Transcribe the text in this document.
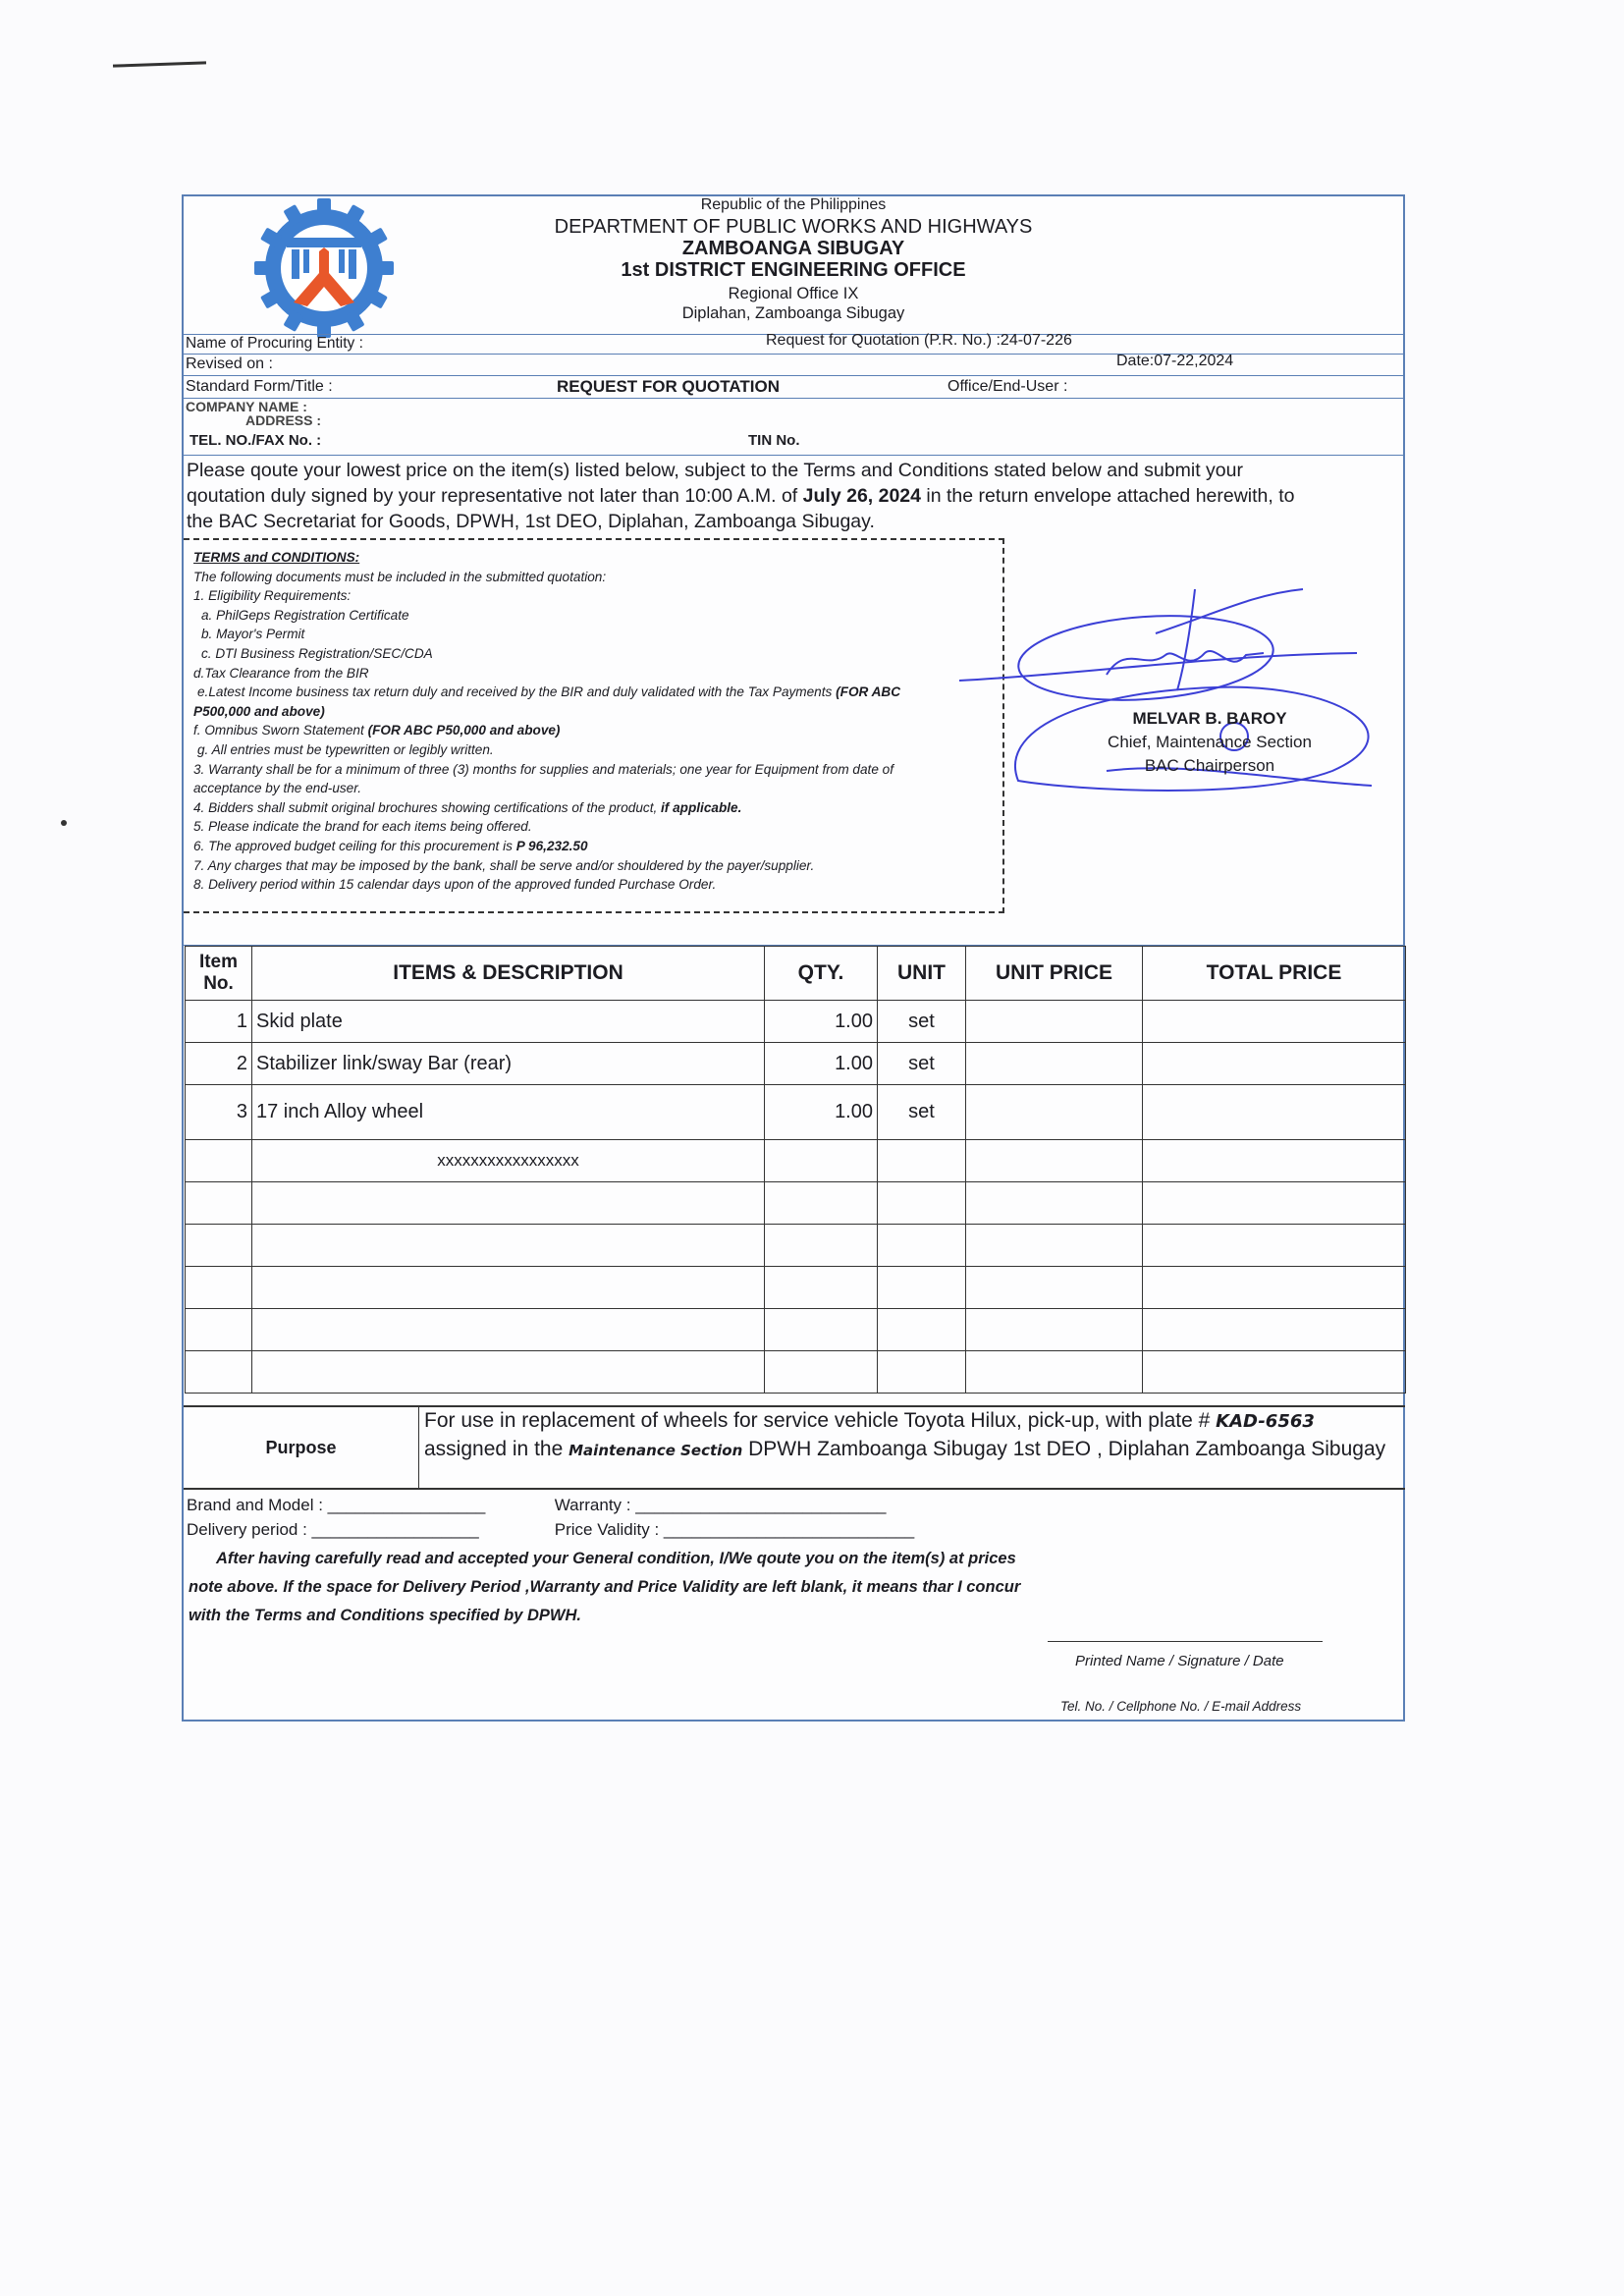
Republic of the Philippines
DEPARTMENT OF PUBLIC WORKS AND HIGHWAYS
ZAMBOANGA SIBUGAY
1st DISTRICT ENGINEERING OFFICE
Regional Office IX
Diplahan, Zamboanga Sibugay
Name of Procuring Entity :	Request for Quotation (P.R. No.) :24-07-226
Revised on :	Date:07-22,2024
Standard Form/Title :	REQUEST FOR QUOTATION	Office/End-User :
COMPANY NAME :
ADDRESS :
TEL. NO./FAX No. :	TIN No.
Please qoute your lowest price on the item(s) listed below, subject to the Terms and Conditions stated below and submit your qoutation duly signed by your representative not later than 10:00 A.M. of July 26, 2024 in the return envelope attached herewith, to the BAC Secretariat for Goods, DPWH, 1st DEO, Diplahan, Zamboanga Sibugay.
TERMS and CONDITIONS:
The following documents must be included in the submitted quotation:
1. Eligibility Requirements:
a. PhilGeps Registration Certificate
b. Mayor's Permit
c. DTI Business Registration/SEC/CDA
d.Tax Clearance from the BIR
e.Latest Income business tax return duly and received by the BIR and duly validated with the Tax Payments (FOR ABC
P500,000 and above)
f. Omnibus Sworn Statement (FOR ABC P50,000 and above)
g. All entries must be typewritten or legibly written.
3. Warranty shall be for a minimum of three (3) months for supplies and materials; one year for Equipment from date of
acceptance by the end-user.
4. Bidders shall submit original brochures showing certifications of the product, if applicable.
5. Please indicate the brand for each items being offered.
6. The approved budget ceiling for this procurement is P 96,232.50
7. Any charges that may be imposed by the bank, shall be serve and/or shouldered by the payer/supplier.
8. Delivery period within 15 calendar days upon of the approved funded Purchase Order.
MELVAR B. BAROY
Chief, Maintenance Section
BAC Chairperson
Item
No.	ITEMS & DESCRIPTION	QTY.	UNIT	UNIT PRICE	TOTAL PRICE
1	Skid plate	1.00	set		
2	Stabilizer link/sway Bar (rear)	1.00	set		
3	17 inch Alloy wheel	1.00	set		
	xxxxxxxxxxxxxxxxx				

Purpose
For use in replacement of wheels for service vehicle Toyota Hilux, pick-up, with plate # KAD-6563
assigned in the Maintenance Section DPWH Zamboanga Sibugay 1st DEO , Diplahan Zamboanga Sibugay
Brand and Model : _________________	Warranty : ___________________________
Delivery period : __________________	Price Validity : ___________________________
After having carefully read and accepted your General condition, I/We qoute you on the item(s) at prices note above. If the space for Delivery Period ,Warranty and Price Validity are left blank, it means thar I concur with the Terms and Conditions specified by DPWH.
Printed Name / Signature / Date
Tel. No. / Cellphone No. / E-mail Address
